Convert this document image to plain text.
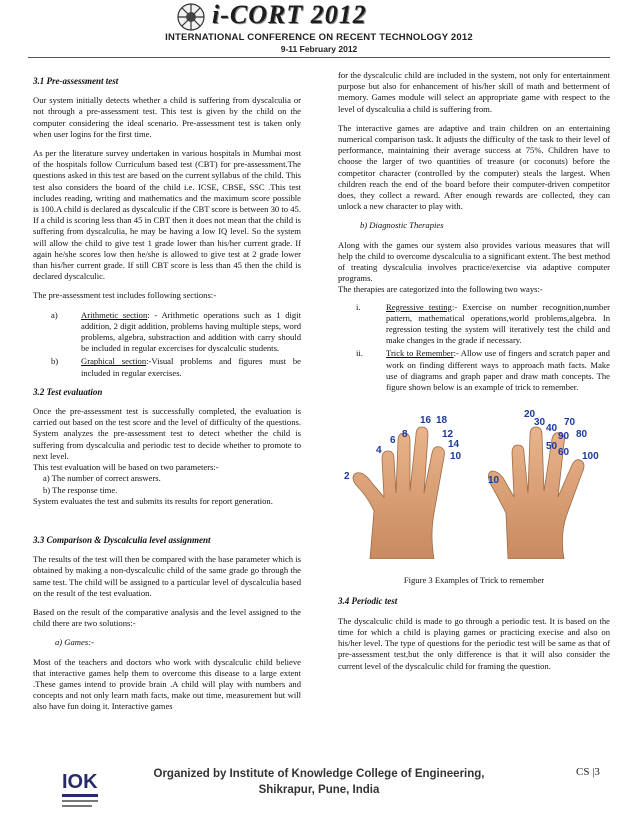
i-CORT 2012
INTERNATIONAL CONFERENCE ON RECENT TECHNOLOGY 2012
9-11 February 2012
3.1 Pre-assessment test

Our system initially detects whether a child is suffering from dyscalculia or not through a pre-assessment test. This test is given by the child on the computer considering the ideal scenario. Pre-assessment test is taken only when user logins for the first time.

As per the literature survey undertaken in various hospitals in Mumbai most of the hospitals follow Curriculum based test (CBT) for pre-assessment.The questions asked in this test are based on the current syllabus of the child. This test also considers the board of the child i.e. ICSE, CBSE, SSC .This test includes reading, writing and mathematics and the maximum score possible is 100.A child is declared as dyscalculic if the CBT score is between 30 to 45. If a child is scoring less than 45 in CBT then it does not mean that the child is suffering from dyscalculia, he may be having a low IQ level. So the system will allow the child to give test 1 grade lower than his/her current grade. If again he/she scores low then he/she is allowed to give test at 2 grade lower than his/her current grade. If still CBT score is less than 45 then the child is declared dyscalculic.

The pre-assessment test includes following sections:-

a)	Arithmetic section: - Arithmetic operations such as 1 digit addition, 2 digit addition, problems having multiple steps, word problems, algebra, substraction and addition with carry should be included in regular excercises for dyscalculic students.
b)	Graphical section:-Visual problems and figures must be included in regular exercises.
3.2 Test evaluation

Once the pre-assessment test is successfully completed, the evaluation is carried out based on the test score and the level of difficulty of the questions. System analyzes the pre-assessment test to detect whether the child is suffering from dyscalculia and periodic test to decide whether to promote to next level.

This test evaluation will be based on two parameters:-

a) The number of correct answers.

b) The response time.

System evaluates the test and submits its results for report generation.

3.3 Comparison & Dyscalculia level assignment

The results of the test will then be compared with the base parameter which is obtained by making a non-dyscalculic child of the same grade go through the same test. The child will be assigned to a particular level of dyscalculia based on the result of the test evaluation.

Based on the result of the comparative analysis and the level assigned to the child there are two solutions:-

a) Games:-

Most of the teachers and doctors who work with dyscalculic child believe that interactive games help them to overcome this disease to a large extent .These games intend to provide brain .A child will play with numbers and concepts and not only learn math facts, make out time, measurement but will also have fun doing it. Interactive games

for the dyscalculic child are included in the system, not only for entertainment purpose but also for enhancement of his/her skill of math and betterment of memory. Games module will select an appropriate game with respect to the level of dyscalculia a child is suffering from.

The interactive games are adaptive and train children on an entertaining numerical comparison task. It adjusts the difficulty of the task to their level of performance, maintaining their average success at 75%. Children have to choose the larger of two quantities of treasure (or coconuts) before the competitor character (controlled by the computer) steals the largest. When children reach the end of the board before their computer-driven competitor does, they collect a reward. After enough rewards are collected, they can unlock a new character to play with.

b) Diagnostic Therapies

Along with the games our system also provides various measures that will help the child to overcome dyscalculia to a significant extent. The best method of treating dyscalculia involves practice/exercise via adaptive computer programs.

The therapies are categorized into the following two ways:-

i.	Regressive testing:- Exercise on number recognition,number pattern, mathematical operations,world problems,algebra. In regression testing the system will iteratively test the child and make changes in the grade if necessary.
ii.	Trick to Remember:- Allow use of fingers and scratch paper and work on finding different ways to approach math facts. Make use of diagrams and graph paper and draw math concepts. The figure shown below is an example of trick to remember.
4
6
8
16 18
12
14
10
2
20
30
40
70
80
90
50
60 100
10
Figure 3 Examples of Trick to remember
3.4 Periodic test

The dyscalculic child is made to go through a periodic test. It is based on the time for which a child is playing games or practicing execise and also on his/her level. The type of questions for the periodic test will be same as that of pre-assessment test,but the only difference is that it will also consider the current level of the dyscalculic child for framing the question.

IOK	Organized by Institute of Knowledge College of Engineering,
Shikrapur, Pune, India
CS |3
